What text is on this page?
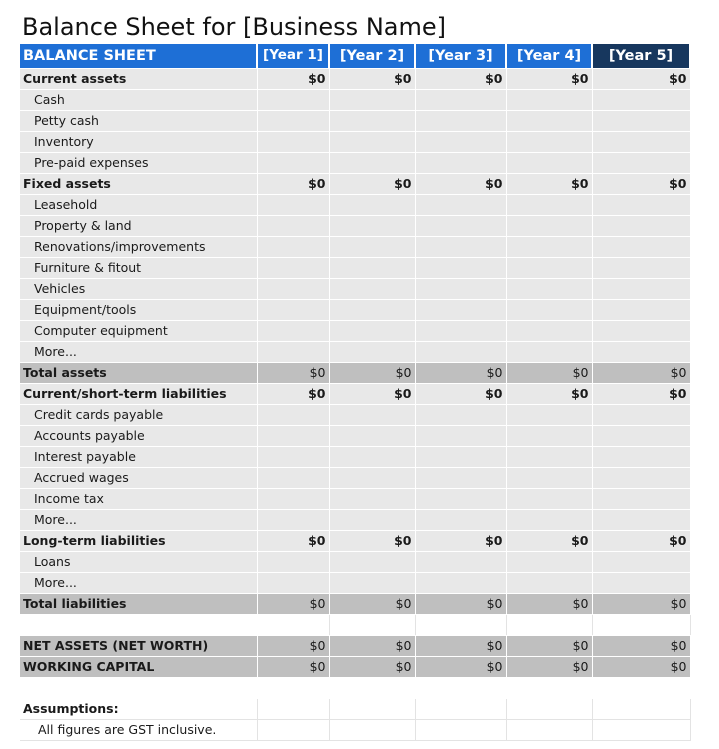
Balance Sheet for [Business Name]
BALANCE SHEET	[Year 1]	[Year 2]	[Year 3]	[Year 4]	[Year 5]
Current assets	$0	$0	$0	$0	$0
Cash					
Petty cash					
Inventory					
Pre-paid expenses					
Fixed assets	$0	$0	$0	$0	$0
Leasehold					
Property & land					
Renovations/improvements					
Furniture & fitout					
Vehicles					
Equipment/tools					
Computer equipment					
More...					
Total assets	$0	$0	$0	$0	$0
Current/short-term liabilities	$0	$0	$0	$0	$0
Credit cards payable					
Accounts payable					
Interest payable					
Accrued wages					
Income tax					
More...					
Long-term liabilities	$0	$0	$0	$0	$0
Loans					
More...					
Total liabilities	$0	$0	$0	$0	$0

NET ASSETS (NET WORTH)	$0	$0	$0	$0	$0
WORKING CAPITAL	$0	$0	$0	$0	$0

Assumptions:					
All figures are GST inclusive.					
